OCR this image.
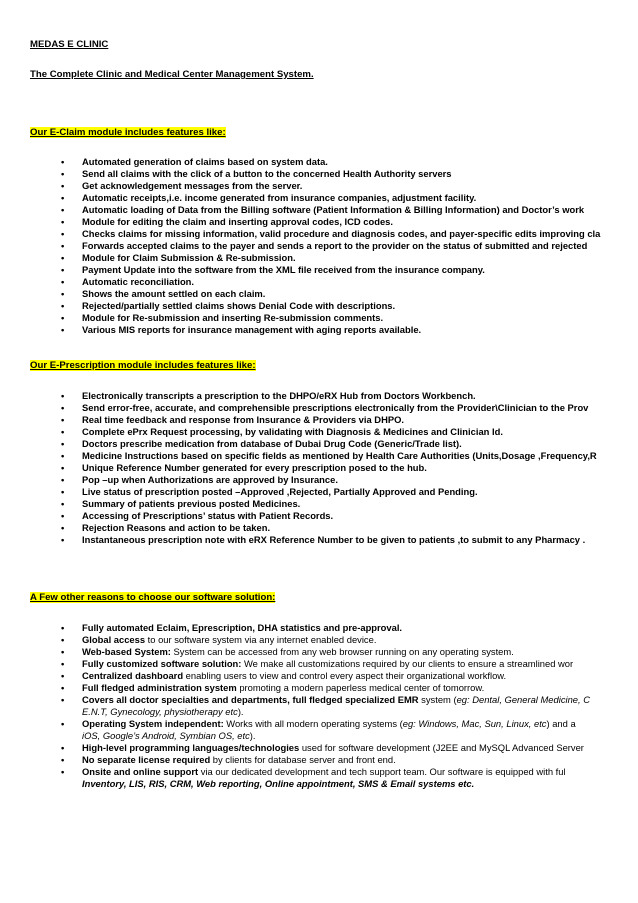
MEDAS E CLINIC
The Complete Clinic and Medical Center Management System.
Our E-Claim module includes features like:
• Automated generation of claims based on system data.
• Send all claims with the click of a button to the concerned Health Authority servers
• Get acknowledgement messages from the server.
• Automatic receipts,i.e. income generated from insurance companies, adjustment facility.
• Automatic loading of Data from the Billing software (Patient Information & Billing Information) and Doctor’s work
• Module for editing the claim and inserting approval codes, ICD codes.
• Checks claims for missing information, valid procedure and diagnosis codes, and payer-specific edits improving cla
• Forwards accepted claims to the payer and sends a report to the provider on the status of submitted and rejected
• Module for Claim Submission & Re-submission.
• Payment Update into the software from the XML file received from the insurance company.
• Automatic reconciliation.
• Shows the amount settled on each claim.
• Rejected/partially settled claims shows Denial Code with descriptions.
• Module for Re-submission and inserting Re-submission comments.
• Various MIS reports for insurance management with aging reports available.
Our E-Prescription module includes features like:
• Electronically transcripts a prescription to the DHPO/eRX Hub from Doctors Workbench.
• Send error-free, accurate, and comprehensible prescriptions electronically from the Provider\Clinician to the Prov
• Real time feedback and response from Insurance & Providers via DHPO.
• Complete ePrx Request processing, by validating with Diagnosis & Medicines and Clinician Id.
• Doctors prescribe medication from database of Dubai Drug Code (Generic/Trade list).
• Medicine Instructions based on specific fields as mentioned by Health Care Authorities (Units,Dosage ,Frequency,R
• Unique Reference Number generated for every prescription posed to the hub.
• Pop –up when Authorizations are approved by Insurance.
• Live status of prescription posted –Approved ,Rejected, Partially Approved and Pending.
• Summary of patients previous posted Medicines.
• Accessing of Prescriptions’ status with Patient Records.
• Rejection Reasons and action to be taken.
• Instantaneous prescription note with eRX Reference Number to be given to patients ,to submit to any Pharmacy .
A Few other reasons to choose our software solution:
• Fully automated Eclaim, Eprescription, DHA statistics and pre-approval.
• Global access to our software system via any internet enabled device.
• Web-based System: System can be accessed from any web browser running on any operating system.
• Fully customized software solution: We make all customizations required by our clients to ensure a streamlined wor
• Centralized dashboard enabling users to view and control every aspect their organizational workflow.
• Full fledged administration system promoting a modern paperless medical center of tomorrow.
• Covers all doctor specialties and departments, full fledged specialized EMR system (eg: Dental, General Medicine, C
E.N.T, Gynecology, physiotherapy etc).
• Operating System independent: Works with all modern operating systems (eg: Windows, Mac, Sun, Linux, etc) and a
iOS, Google’s Android, Symbian OS, etc).
• High-level programming languages/technologies used for software development (J2EE and MySQL Advanced Server
• No separate license required by clients for database server and front end.
• Onsite and online support via our dedicated development and tech support team. Our software is equipped with ful
Inventory, LIS, RIS, CRM, Web reporting, Online appointment, SMS & Email systems etc.
